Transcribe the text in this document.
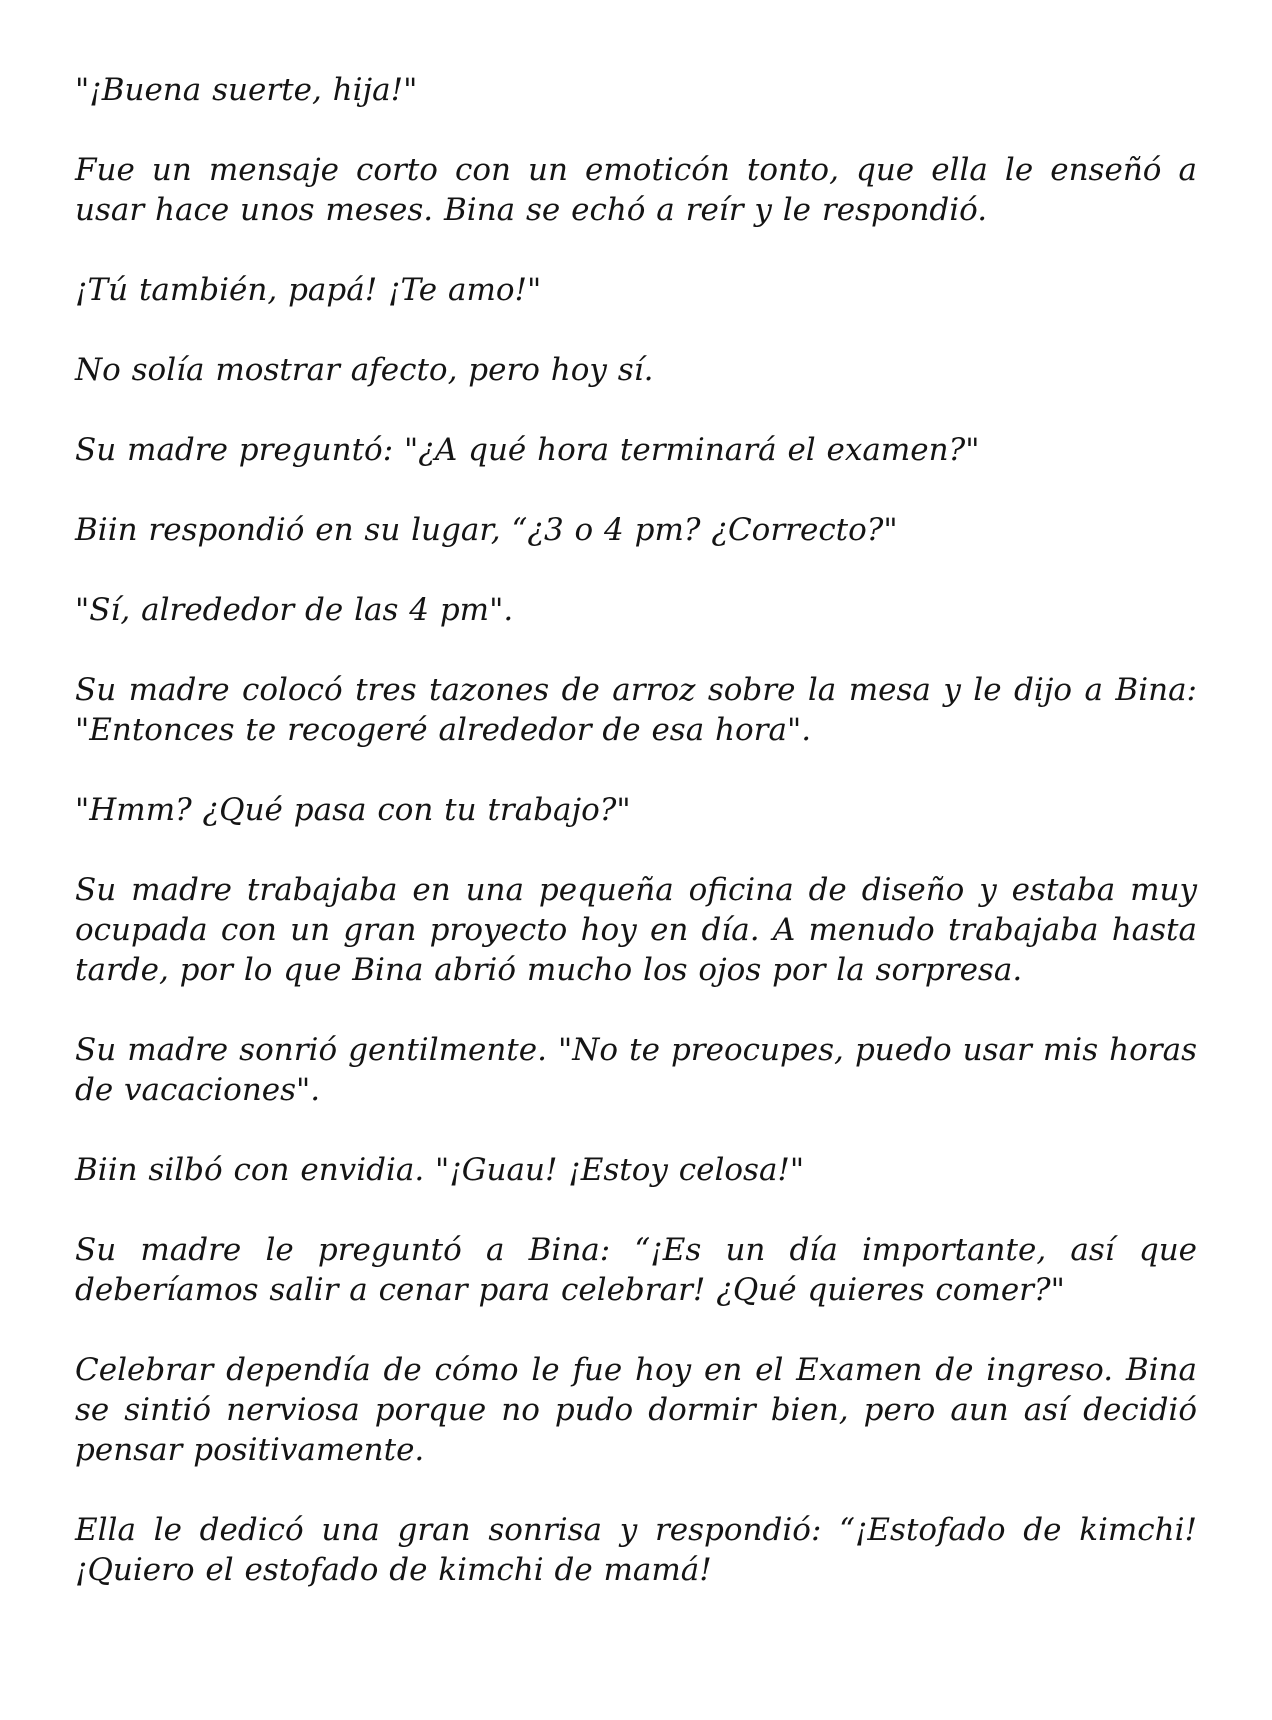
"¡Buena suerte, hija!"

Fue un mensaje corto con un emoticón tonto, que ella le enseñó a usar hace unos meses. Bina se echó a reír y le respondió.

¡Tú también, papá! ¡Te amo!"

No solía mostrar afecto, pero hoy sí.

Su madre preguntó: "¿A qué hora terminará el examen?"

Biin respondió en su lugar, “¿3 o 4 pm? ¿Correcto?"

"Sí, alrededor de las 4 pm".

Su madre colocó tres tazones de arroz sobre la mesa y le dijo a Bina: "Entonces te recogeré alrededor de esa hora".

"Hmm? ¿Qué pasa con tu trabajo?"

Su madre trabajaba en una pequeña oficina de diseño y estaba muy ocupada con un gran proyecto hoy en día. A menudo trabajaba hasta tarde, por lo que Bina abrió mucho los ojos por la sorpresa.

Su madre sonrió gentilmente. "No te preocupes, puedo usar mis horas de vacaciones".

Biin silbó con envidia. "¡Guau! ¡Estoy celosa!"

Su madre le preguntó a Bina: “¡Es un día importante, así que deberíamos salir a cenar para celebrar! ¿Qué quieres comer?"

Celebrar dependía de cómo le fue hoy en el Examen de ingreso. Bina se sintió nerviosa porque no pudo dormir bien, pero aun así decidió pensar positivamente.

Ella le dedicó una gran sonrisa y respondió: “¡Estofado de kimchi! ¡Quiero el estofado de kimchi de mamá!
